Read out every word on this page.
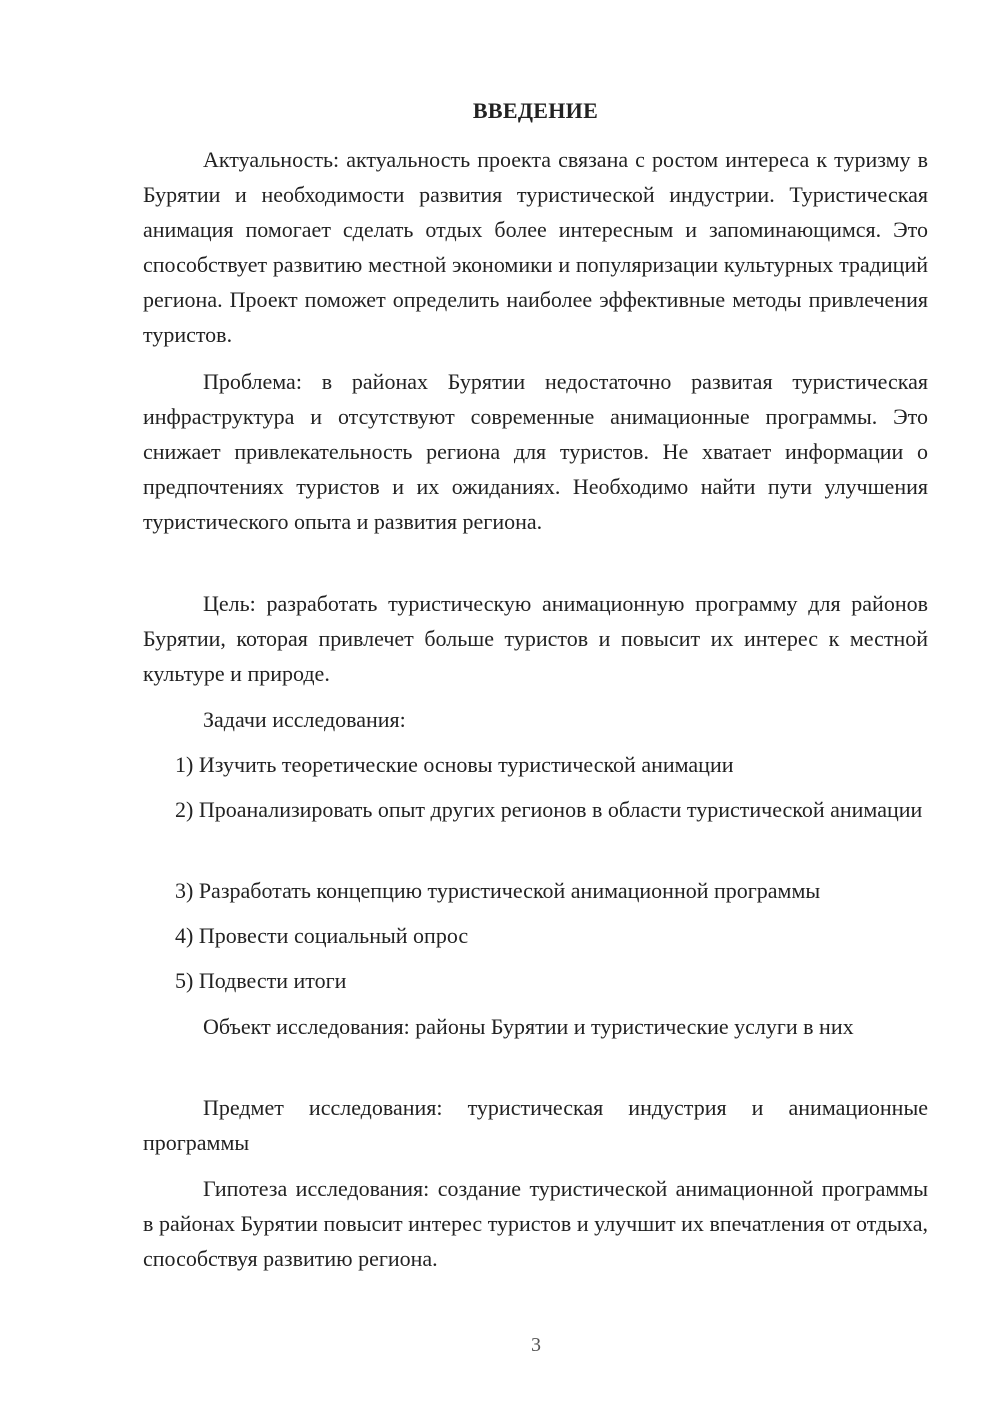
ВВЕДЕНИЕ

Актуальность: актуальность проекта связана с ростом интереса к туризму в Бурятии и необходимости развития туристической индустрии. Туристическая анимация помогает сделать отдых более интересным и запоминающимся. Это способствует развитию местной экономики и популяризации культурных традиций региона. Проект поможет определить наиболее эффективные методы привлечения туристов.

Проблема: в районах Бурятии недостаточно развитая туристическая инфраструктура и отсутствуют современные анимационные программы. Это снижает привлекательность региона для туристов. Не хватает информации о предпочтениях туристов и их ожиданиях. Необходимо найти пути улучшения туристического опыта и развития региона.

Цель: разработать туристическую анимационную программу для районов Бурятии, которая привлечет больше туристов и повысит их интерес к местной культуре и природе.

Задачи исследования:

1) Изучить теоретические основы туристической анимации

2) Проанализировать опыт других регионов в области туристической анимации

3) Разработать концепцию туристической анимационной программы

4) Провести социальный опрос

5) Подвести итоги

Объект исследования: районы Бурятии и туристические услуги в них

Предмет исследования: туристическая индустрия и анимационные программы

Гипотеза исследования: создание туристической анимационной программы в районах Бурятии повысит интерес туристов и улучшит их впечатления от отдыха, способствуя развитию региона.

3
